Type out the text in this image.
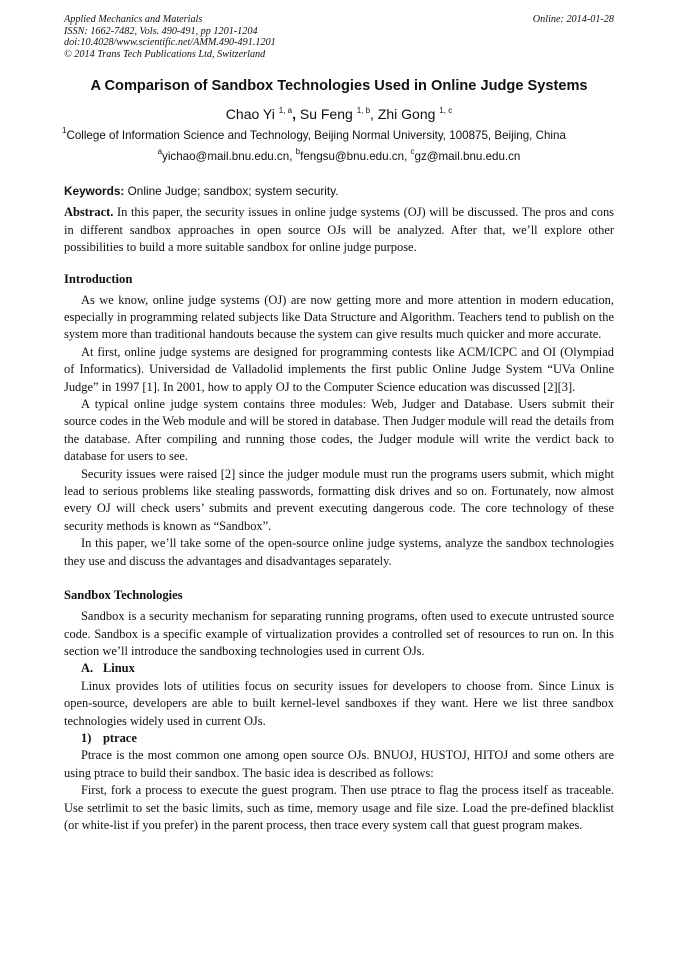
Applied Mechanics and Materials
ISSN: 1662-7482, Vols. 490-491, pp 1201-1204
doi:10.4028/www.scientific.net/AMM.490-491.1201
© 2014 Trans Tech Publications Ltd, Switzerland
Online: 2014-01-28
A Comparison of Sandbox Technologies Used in Online Judge Systems
Chao Yi $^{1, a}$, Su Feng $^{1, b}$, Zhi Gong $^{1, c}$
$^1$College of Information Science and Technology, Beijing Normal University, 100875, Beijing, China
$^a$yichao@mail.bnu.edu.cn, $^b$fengsu@bnu.edu.cn, $^c$gz@mail.bnu.edu.cn
Keywords: Online Judge; sandbox; system security.

Abstract. In this paper, the security issues in online judge systems (OJ) will be discussed. The pros and cons in different sandbox approaches in open source OJs will be analyzed. After that, we’ll explore other possibilities to build a more suitable sandbox for online judge purpose.

Introduction

As we know, online judge systems (OJ) are now getting more and more attention in modern education, especially in programming related subjects like Data Structure and Algorithm. Teachers tend to publish on the system more than traditional handouts because the system can give results much quicker and more accurate.

At first, online judge systems are designed for programming contests like ACM/ICPC and OI (Olympiad of Informatics). Universidad de Valladolid implements the first public Online Judge System “UVa Online Judge” in 1997 [1]. In 2001, how to apply OJ to the Computer Science education was discussed [2][3].

A typical online judge system contains three modules: Web, Judger and Database. Users submit their source codes in the Web module and will be stored in database. Then Judger module will read the details from the database. After compiling and running those codes, the Judger module will write the verdict back to database for users to see.

Security issues were raised [2] since the judger module must run the programs users submit, which might lead to serious problems like stealing passwords, formatting disk drives and so on. Fortunately, now almost every OJ will check users’ submits and prevent executing dangerous code. The core technology of these security methods is known as “Sandbox”.

In this paper, we’ll take some of the open-source online judge systems, analyze the sandbox technologies they use and discuss the advantages and disadvantages separately.

Sandbox Technologies

Sandbox is a security mechanism for separating running programs, often used to execute untrusted source code. Sandbox is a specific example of virtualization provides a controlled set of resources to run on. In this section we’ll introduce the sandboxing technologies used in current OJs.

A. Linux

Linux provides lots of utilities focus on security issues for developers to choose from. Since Linux is open-source, developers are able to built kernel-level sandboxes if they want. Here we list three sandbox technologies widely used in current OJs.

1) ptrace

Ptrace is the most common one among open source OJs. BNUOJ, HUSTOJ, HITOJ and some others are using ptrace to build their sandbox. The basic idea is described as follows:

First, fork a process to execute the guest program. Then use ptrace to flag the process itself as traceable. Use setrlimit to set the basic limits, such as time, memory usage and file size. Load the pre-defined blacklist (or white-list if you prefer) in the parent process, then trace every system call that guest program makes.
